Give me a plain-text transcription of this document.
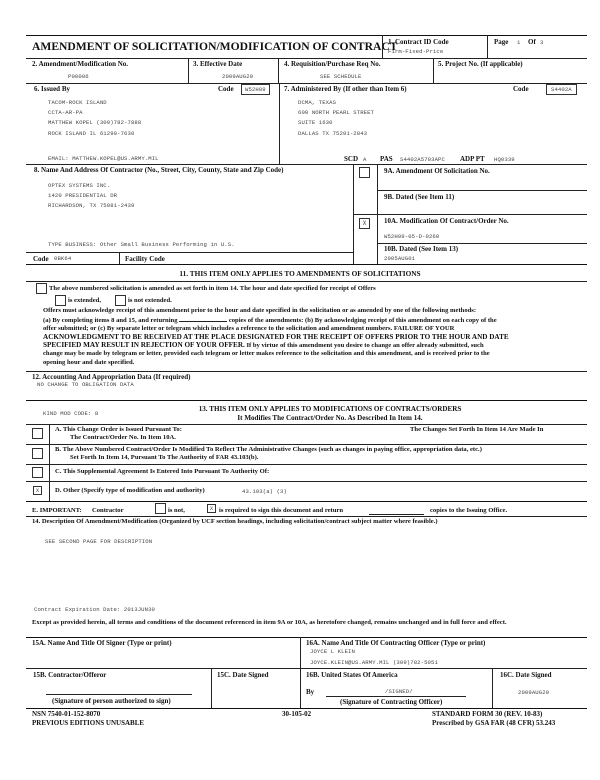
AMENDMENT OF SOLICITATION/MODIFICATION OF CONTRACT
1. Contract ID Code
Firm-Fixed-Price
Page 1 Of 3
2. Amendment/Modification No.
P00006
3. Effective Date
2009AUG20
4. Requisition/Purchase Req No.
SEE SCHEDULE
5. Project No. (If applicable)
6. Issued By	Code	W52H09
TACOM-ROCK ISLAND
CCTA-AR-PA
MATTHEW KOPEL (309)782-7888
ROCK ISLAND IL 61299-7630
EMAIL: MATTHEW.KOPEL@US.ARMY.MIL
7. Administered By (If other than Item 6)	Code	S4402A
DCMA, TEXAS
600 NORTH PEARL STREET
SUITE 1630
DALLAS TX 75201-2843
SCD A PAS S4402A5703APC ADP PT HQ0339
8. Name And Address Of Contractor (No., Street, City, County, State and Zip Code)
OPTEX SYSTEMS INC.
1420 PRESIDENTIAL DR
RICHARDSON, TX 75081-2439
TYPE BUSINESS: Other Small Business Performing in U.S.
Code 0BK64	Facility Code
9A. Amendment Of Solicitation No.
9B. Dated (See Item 11)
X	10A. Modification Of Contract/Order No.
W52H09-05-D-0260
10B. Dated (See Item 13)
2005AUG01
11. THIS ITEM ONLY APPLIES TO AMENDMENTS OF SOLICITATIONS
The above numbered solicitation is amended as set forth in item 14. The hour and date specified for receipt of Offers
is extended,	is not extended.
Offers must acknowledge receipt of this amendment prior to the hour and date specified in the solicitation or as amended by one of the following methods:
(a) By completing items 8 and 15, and returning	copies of the amendments: (b) By acknowledging receipt of this amendment on each copy of the
offer submitted; or (c) By separate letter or telegram which includes a reference to the solicitation and amendment numbers. FAILURE OF YOUR
ACKNOWLEDGMENT TO BE RECEIVED AT THE PLACE DESIGNATED FOR THE RECEIPT OF OFFERS PRIOR TO THE HOUR AND DATE
SPECIFIED MAY RESULT IN REJECTION OF YOUR OFFER. If by virtue of this amendment you desire to change an offer already submitted, such
change may be made by telegram or letter, provided each telegram or letter makes reference to the solicitation and this amendment, and is received prior to the
opening hour and date specified.
12. Accounting And Appropriation Data (If required)
NO CHANGE TO OBLIGATION DATA
KIND MOD CODE: 8
13. THIS ITEM ONLY APPLIES TO MODIFICATIONS OF CONTRACTS/ORDERS
It Modifies The Contract/Order No. As Described In Item 14.
A. This Change Order is Issued Pursuant To:	The Changes Set Forth In Item 14 Are Made In
The Contract/Order No. In Item 10A.
B. The Above Numbered Contract/Order Is Modified To Reflect The Administrative Changes (such as changes in paying office, appropriation data, etc.)
Set Forth In Item 14, Pursuant To The Authority of FAR 43.103(b).
C. This Supplemental Agreement Is Entered Into Pursuant To Authority Of:
X	D. Other (Specify type of modification and authority)	43.103(a) (3)
E. IMPORTANT: Contractor	is not,	X is required to sign this document and return	copies to the Issuing Office.
14. Description Of Amendment/Modification (Organized by UCF section headings, including solicitation/contract subject matter where feasible.)
SEE SECOND PAGE FOR DESCRIPTION
Contract Expiration Date: 2013JUN30
Except as provided herein, all terms and conditions of the document referenced in item 9A or 10A, as heretofore changed, remains unchanged and in full force and effect.
15A. Name And Title Of Signer (Type or print)	16A. Name And Title Of Contracting Officer (Type or print)
JOYCE L KLEIN
JOYCE.KLEIN@US.ARMY.MIL (309)782-5051
15B. Contractor/Offeror
(Signature of person authorized to sign)
15C. Date Signed	16B. United States Of America
By	/SIGNED/
(Signature of Contracting Officer)
16C. Date Signed
2009AUG20
NSN 7540-01-152-8070
PREVIOUS EDITIONS UNUSABLE
30-105-02	STANDARD FORM 30 (REV. 10-83)
Prescribed by GSA FAR (48 CFR) 53.243
